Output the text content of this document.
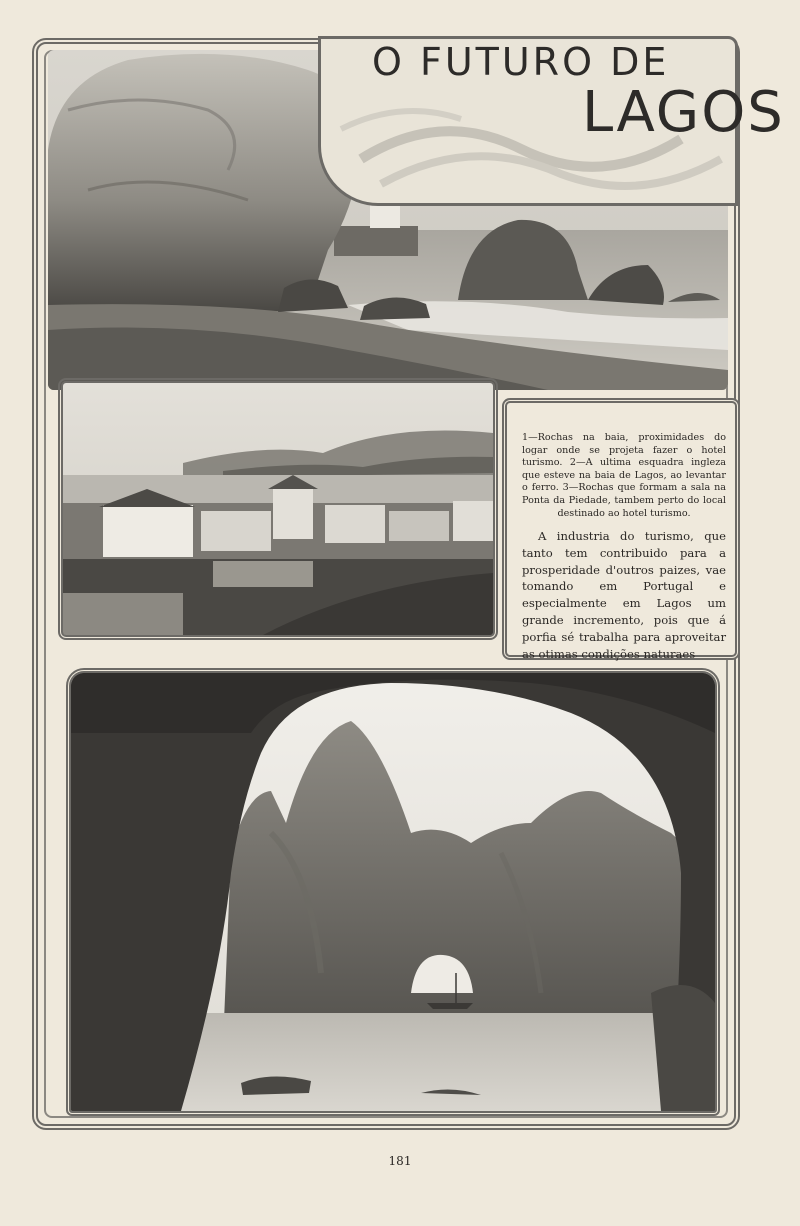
O FUTURO DE
LAGOS

1—Rochas na baia, proximidades do logar onde se projeta fazer o hotel turismo. 2—A ultima esquadra ingleza que esteve na baia de Lagos, ao levantar o ferro. 3—Rochas que formam a sala na Ponta da Piedade, tambem perto do local destinado ao hotel turismo.

A industria do turismo, que tanto tem contribuido para a prosperidade d'outros paizes, vae tomando em Portugal e especialmente em Lagos um grande incremento, pois que á porfia sé trabalha para aproveitar as otimas condições naturaes

181
